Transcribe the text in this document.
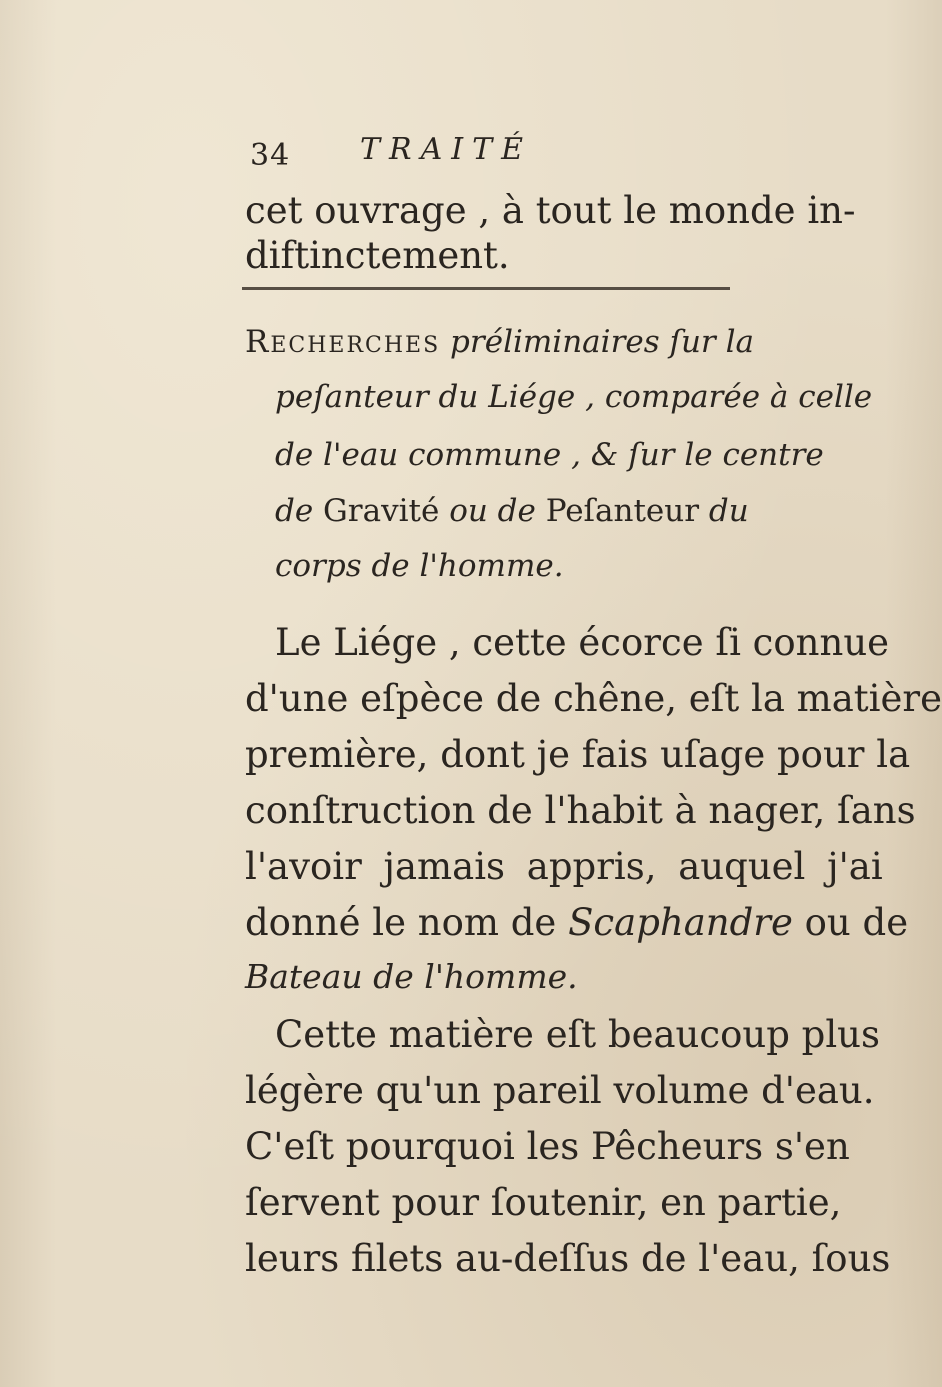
34 TRAITÉ
cet ouvrage , à tout le monde in-
diftinctement.
Recherches préliminaires ſur la
peſanteur du Liége , comparée à celle
de l'eau commune , & ſur le centre
de Gravité ou de Peſanteur du
corps de l'homme.
Le Liége , cette écorce ſi connue
d'une eſpèce de chêne, eſt la matière
première, dont je fais uſage pour la
conſtruction de l'habit à nager, ſans
l'avoir jamais appris, auquel j'ai
donné le nom de Scaphandre ou de
Bateau de l'homme.
Cette matière eſt beaucoup plus
légère qu'un pareil volume d'eau.
C'eſt pourquoi les Pêcheurs s'en
ſervent pour ſoutenir, en partie,
leurs filets au-deſſus de l'eau, ſous
